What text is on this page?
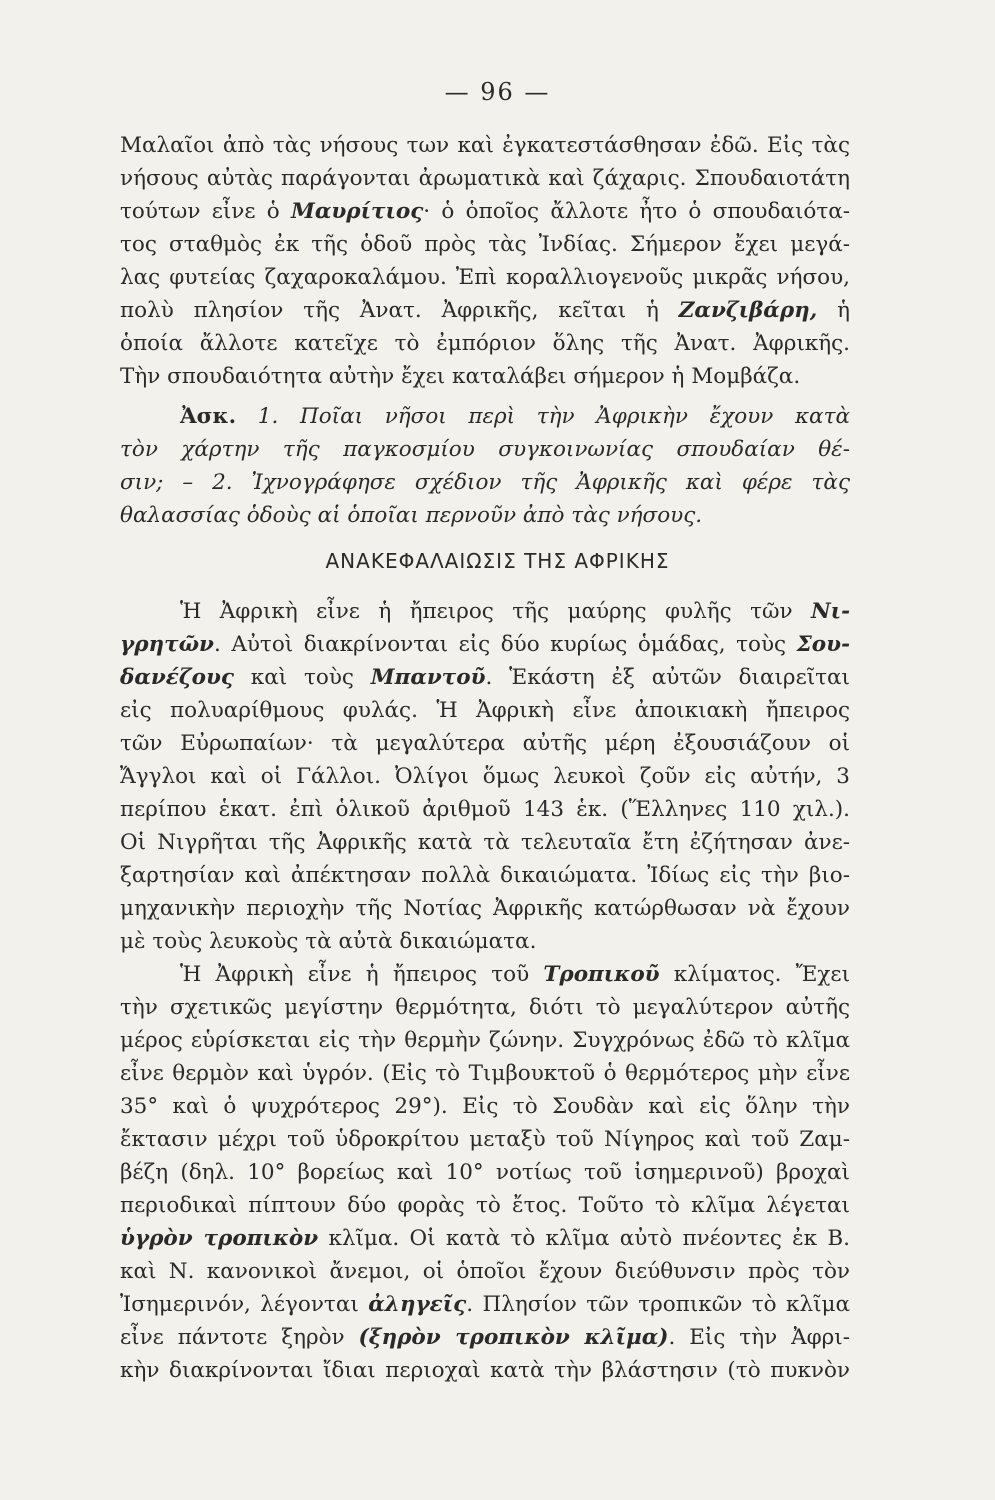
— 96 —
Μαλαῖοι ἀπὸ τὰς νήσους των καὶ ἐγκατεστάσθησαν ἐδῶ. Εἰς τὰς
νήσους αὐτὰς παράγονται ἀρωματικὰ καὶ ζάχαρις. Σπουδαιοτάτη
τούτων εἶνε ὁ Μαυρίτιος· ὁ ὁποῖος ἄλλοτε ἦτο ὁ σπουδαιότα-
τος σταθμὸς ἐκ τῆς ὁδοῦ πρὸς τὰς Ἰνδίας. Σήμερον ἔχει μεγά-
λας φυτείας ζαχαροκαλάμου. Ἐπὶ κοραλλιογενοῦς μικρᾶς νήσου,
πολὺ πλησίον τῆς Ἀνατ. Ἀφρικῆς, κεῖται ἡ Ζανζιβάρη, ἡ
ὁποία ἄλλοτε κατεῖχε τὸ ἐμπόριον ὅλης τῆς Ἀνατ. Ἀφρικῆς.
Τὴν σπουδαιότητα αὐτὴν ἔχει καταλάβει σήμερον ἡ Μομβάζα.
Ἀσκ. 1. Ποῖαι νῆσοι περὶ τὴν Ἀφρικὴν ἔχουν κατὰ
τὸν χάρτην τῆς παγκοσμίου συγκοινωνίας σπουδαίαν θέ-
σιν; – 2. Ἰχνογράφησε σχέδιον τῆς Ἀφρικῆς καὶ φέρε τὰς
θαλασσίας ὁδοὺς αἱ ὁποῖαι περνοῦν ἀπὸ τὰς νήσους.
ΑΝΑΚΕΦΑΛΑΙΩΣΙΣ ΤΗΣ ΑΦΡΙΚΗΣ
Ἡ Ἀφρικὴ εἶνε ἡ ἤπειρος τῆς μαύρης φυλῆς τῶν Νι-
γρητῶν. Αὐτοὶ διακρίνονται εἰς δύο κυρίως ὁμάδας, τοὺς Σου-
δανέζους καὶ τοὺς Μπαντοῦ. Ἑκάστη ἐξ αὐτῶν διαιρεῖται
εἰς πολυαρίθμους φυλάς. Ἡ Ἀφρικὴ εἶνε ἀποικιακὴ ἤπειρος
τῶν Εὐρωπαίων· τὰ μεγαλύτερα αὐτῆς μέρη ἐξουσιάζουν οἱ
Ἄγγλοι καὶ οἱ Γάλλοι. Ὀλίγοι ὅμως λευκοὶ ζοῦν εἰς αὐτήν, 3
περίπου ἑκατ. ἐπὶ ὁλικοῦ ἀριθμοῦ 143 ἑκ. (Ἕλληνες 110 χιλ.).
Οἱ Νιγρῆται τῆς Ἀφρικῆς κατὰ τὰ τελευταῖα ἔτη ἐζήτησαν ἀνε-
ξαρτησίαν καὶ ἀπέκτησαν πολλὰ δικαιώματα. Ἰδίως εἰς τὴν βιο-
μηχανικὴν περιοχὴν τῆς Νοτίας Ἀφρικῆς κατώρθωσαν νὰ ἔχουν
μὲ τοὺς λευκοὺς τὰ αὐτὰ δικαιώματα.
Ἡ Ἀφρικὴ εἶνε ἡ ἤπειρος τοῦ Τροπικοῦ κλίματος. Ἔχει
τὴν σχετικῶς μεγίστην θερμότητα, διότι τὸ μεγαλύτερον αὐτῆς
μέρος εὑρίσκεται εἰς τὴν θερμὴν ζώνην. Συγχρόνως ἐδῶ τὸ κλῖμα
εἶνε θερμὸν καὶ ὑγρόν. (Εἰς τὸ Τιμβουκτοῦ ὁ θερμότερος μὴν εἶνε
35° καὶ ὁ ψυχρότερος 29°). Εἰς τὸ Σουδὰν καὶ εἰς ὅλην τὴν
ἔκτασιν μέχρι τοῦ ὑδροκρίτου μεταξὺ τοῦ Νίγηρος καὶ τοῦ Ζαμ-
βέζη (δηλ. 10° βορείως καὶ 10° νοτίως τοῦ ἰσημερινοῦ) βροχαὶ
περιοδικαὶ πίπτουν δύο φορὰς τὸ ἔτος. Τοῦτο τὸ κλῖμα λέγεται
ὑγρὸν τροπικὸν κλῖμα. Οἱ κατὰ τὸ κλῖμα αὐτὸ πνέοντες ἐκ Β.
καὶ Ν. κανονικοὶ ἄνεμοι, οἱ ὁποῖοι ἔχουν διεύθυνσιν πρὸς τὸν
Ἰσημερινόν, λέγονται ἀληγεῖς. Πλησίον τῶν τροπικῶν τὸ κλῖμα
εἶνε πάντοτε ξηρὸν (ξηρὸν τροπικὸν κλῖμα). Εἰς τὴν Ἀφρι-
κὴν διακρίνονται ἴδιαι περιοχαὶ κατὰ τὴν βλάστησιν (τὸ πυκνὸν
